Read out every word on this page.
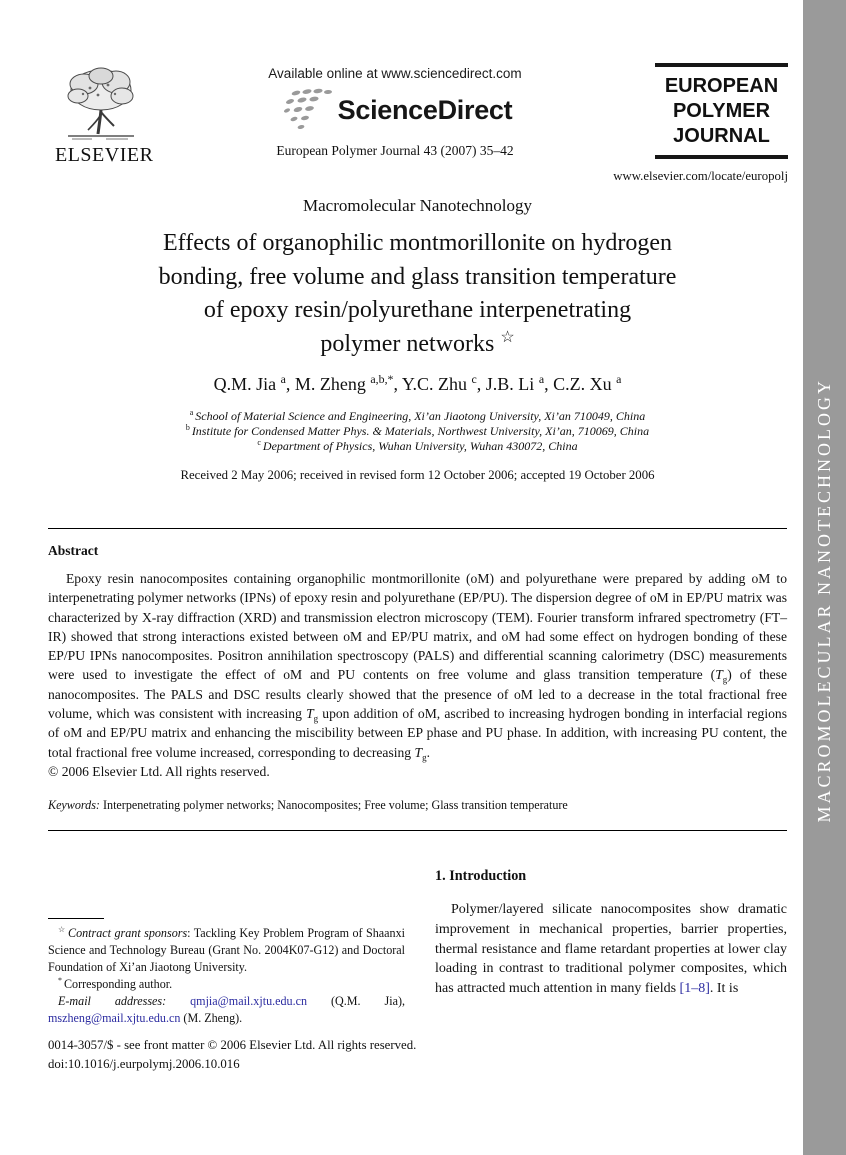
MACROMOLECULAR NANOTECHNOLOGY
ELSEVIER
Available online at www.sciencedirect.com
ScienceDirect
European Polymer Journal 43 (2007) 35–42
EUROPEAN
POLYMER
JOURNAL
www.elsevier.com/locate/europolj
Macromolecular Nanotechnology
Effects of organophilic montmorillonite on hydrogen
bonding, free volume and glass transition temperature
of epoxy resin/polyurethane interpenetrating
polymer networks ☆
Q.M. Jia $^a$, M. Zheng $^{a,b,*}$, Y.C. Zhu $^c$, J.B. Li $^a$, C.Z. Xu $^a$
$^a$ School of Material Science and Engineering, Xi’an Jiaotong University, Xi’an 710049, China
$^b$ Institute for Condensed Matter Phys. & Materials, Northwest University, Xi’an, 710069, China
$^c$ Department of Physics, Wuhan University, Wuhan 430072, China
Received 2 May 2006; received in revised form 12 October 2006; accepted 19 October 2006
Abstract

Epoxy resin nanocomposites containing organophilic montmorillonite (oM) and polyurethane were prepared by adding oM to interpenetrating polymer networks (IPNs) of epoxy resin and polyurethane (EP/PU). The dispersion degree of oM in EP/PU matrix was characterized by X-ray diffraction (XRD) and transmission electron microscopy (TEM). Fourier transform infrared spectrometry (FT–IR) showed that strong interactions existed between oM and EP/PU matrix, and oM had some effect on hydrogen bonding of these EP/PU IPNs nanocomposites. Positron annihilation spectroscopy (PALS) and differential scanning calorimetry (DSC) measurements were used to investigate the effect of oM and PU contents on free volume and glass transition temperature $(T_g)$ of these nanocomposites. The PALS and DSC results clearly showed that the presence of oM led to a decrease in the total fractional free volume, which was consistent with increasing $T_g$ upon addition of oM, ascribed to increasing hydrogen bonding in interfacial regions of oM and EP/PU matrix and enhancing the miscibility between EP phase and PU phase. In addition, with increasing PU content, the total fractional free volume increased, corresponding to decreasing $T_g$.

© 2006 Elsevier Ltd. All rights reserved.
Keywords: Interpenetrating polymer networks; Nanocomposites; Free volume; Glass transition temperature

☆ Contract grant sponsors: Tackling Key Problem Program of Shaanxi Science and Technology Bureau (Grant No. 2004K07-G12) and Doctoral Foundation of Xi’an Jiaotong University.

* Corresponding author.

E-mail addresses: qmjia@mail.xjtu.edu.cn (Q.M. Jia), mszheng@mail.xjtu.edu.cn (M. Zheng).

1. Introduction

Polymer/layered silicate nanocomposites show dramatic improvement in mechanical properties, barrier properties, thermal resistance and flame retardant properties at lower clay loading in contrast to traditional polymer composites, which has attracted much attention in many fields [1–8]. It is

0014-3057/$ - see front matter © 2006 Elsevier Ltd. All rights reserved.
doi:10.1016/j.eurpolymj.2006.10.016
